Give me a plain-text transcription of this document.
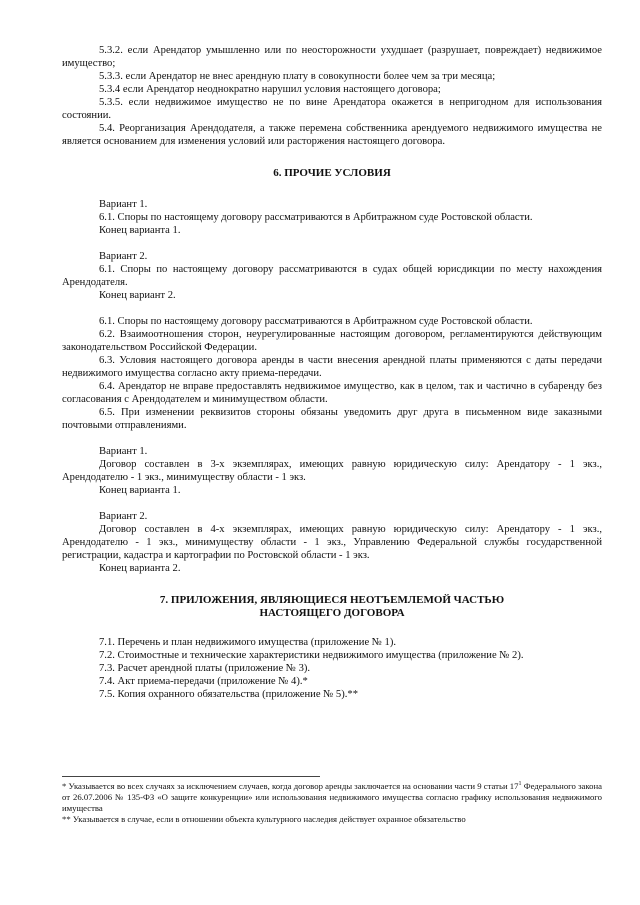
5.3.2. если Арендатор умышленно или по неосторожности ухудшает (разрушает, повреждает) недвижимое имущество;

5.3.3. если Арендатор не внес арендную плату в совокупности более чем за три месяца;

5.3.4 если Арендатор неоднократно нарушил условия настоящего договора;

5.3.5. если недвижимое имущество не по вине Арендатора окажется в непригодном для использования состоянии.

5.4. Реорганизация Арендодателя, а также перемена собственника арендуемого недвижимого имущества не является основанием для изменения условий или расторжения настоящего договора.

6. ПРОЧИЕ УСЛОВИЯ

Вариант 1.

6.1. Споры по настоящему договору рассматриваются в Арбитражном суде Ростовской области.

Конец варианта 1.

Вариант 2.

6.1. Споры по настоящему договору рассматриваются в судах общей юрисдикции по месту нахождения Арендодателя.

Конец вариант 2.

6.1. Споры по настоящему договору рассматриваются в Арбитражном суде Ростовской области.

6.2. Взаимоотношения сторон, неурегулированные настоящим договором, регламентируются действующим законодательством Российской Федерации.

6.3. Условия настоящего договора аренды в части внесения арендной платы применяются с даты передачи недвижимого имущества согласно акту приема-передачи.

6.4. Арендатор не вправе предоставлять недвижимое имущество, как в целом, так и частично в субаренду без согласования с Арендодателем и минимуществом области.

6.5. При изменении реквизитов стороны обязаны уведомить друг друга в письменном виде заказными почтовыми отправлениями.

Вариант 1.

Договор составлен в 3-х экземплярах, имеющих равную юридическую силу: Арендатору - 1 экз., Арендодателю - 1 экз., минимуществу области - 1 экз.

Конец варианта 1.

Вариант 2.

Договор составлен в 4-х экземплярах, имеющих равную юридическую силу: Арендатору - 1 экз., Арендодателю - 1 экз., минимуществу области - 1 экз., Управлению Федеральной службы государственной регистрации, кадастра и картографии по Ростовской области - 1 экз.

Конец варианта 2.

7. ПРИЛОЖЕНИЯ, ЯВЛЯЮЩИЕСЯ НЕОТЪЕМЛЕМОЙ ЧАСТЬЮ
НАСТОЯЩЕГО ДОГОВОРА

7.1. Перечень и план недвижимого имущества (приложение № 1).

7.2. Стоимостные и технические характеристики недвижимого имущества (приложение № 2).

7.3. Расчет арендной платы (приложение № 3).

7.4. Акт приема-передачи (приложение № 4).*

7.5. Копия охранного обязательства (приложение № 5).**

* Указывается во всех случаях за исключением случаев, когда договор аренды заключается на основании части 9 статьи $17^1$ Федерального закона от 26.07.2006 № 135-ФЗ «О защите конкуренции» или использования недвижимого имущества согласно графику использования недвижимого имущества

** Указывается в случае, если в отношении объекта культурного наследия действует охранное обязательство
